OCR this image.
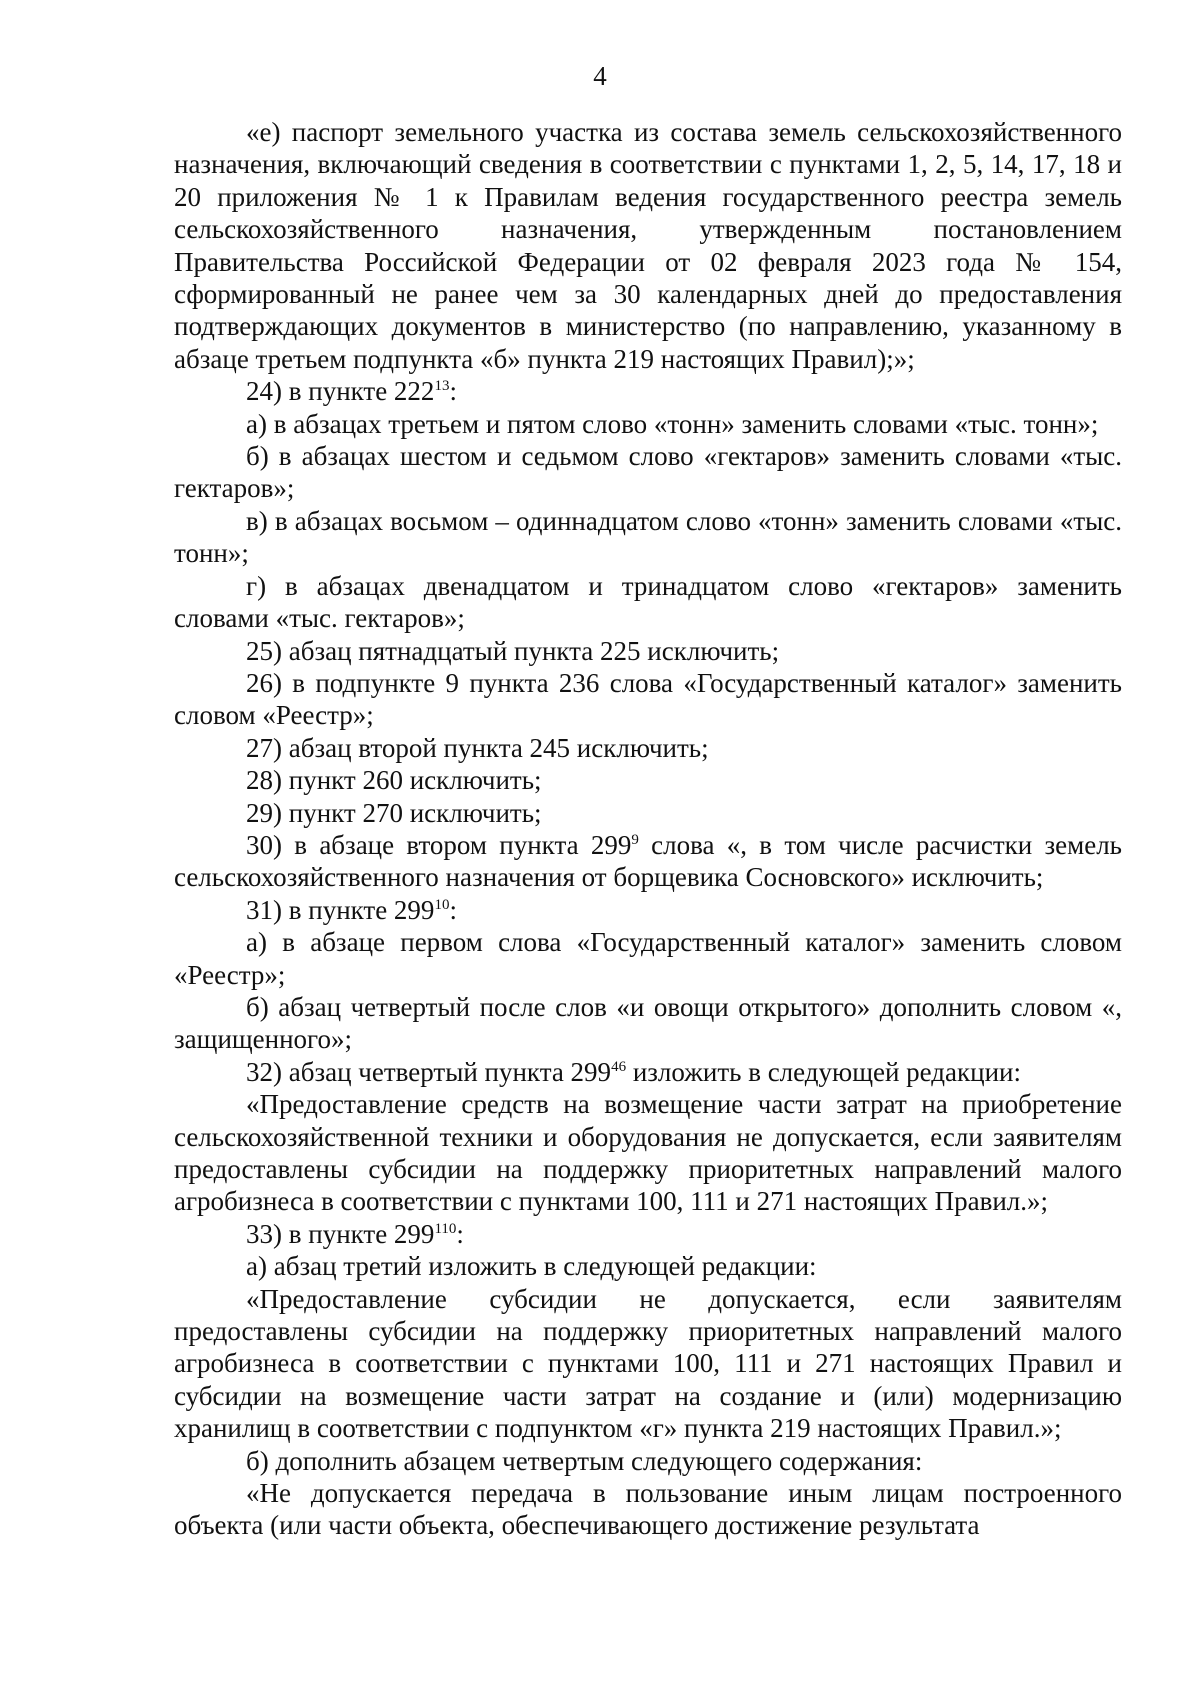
4

«е) паспорт земельного участка из состава земель сельскохозяйственного назначения, включающий сведения в соответствии с пунктами 1, 2, 5, 14, 17, 18 и 20 приложения № 1 к Правилам ведения государственного реестра земель сельскохозяйственного назначения, утвержденным постановлением Правительства Российской Федерации от 02 февраля 2023 года № 154, сформированный не ранее чем за 30 календарных дней до предоставления подтверждающих документов в министерство (по направлению, указанному в абзаце третьем подпункта «б» пункта 219 настоящих Правил);»;

24) в пункте $222^{13}$:

а) в абзацах третьем и пятом слово «тонн» заменить словами «тыс. тонн»;

б) в абзацах шестом и седьмом слово «гектаров» заменить словами «тыс. гектаров»;

в) в абзацах восьмом – одиннадцатом слово «тонн» заменить словами «тыс. тонн»;

г) в абзацах двенадцатом и тринадцатом слово «гектаров» заменить словами «тыс. гектаров»;

25) абзац пятнадцатый пункта 225 исключить;

26) в подпункте 9 пункта 236 слова «Государственный каталог» заменить словом «Реестр»;

27) абзац второй пункта 245 исключить;

28) пункт 260 исключить;

29) пункт 270 исключить;

30) в абзаце втором пункта $299^9$ слова «, в том числе расчистки земель сельскохозяйственного назначения от борщевика Сосновского» исключить;

31) в пункте $299^{10}$:

а) в абзаце первом слова «Государственный каталог» заменить словом «Реестр»;

б) абзац четвертый после слов «и овощи открытого» дополнить словом «, защищенного»;

32) абзац четвертый пункта $299^{46}$ изложить в следующей редакции:

«Предоставление средств на возмещение части затрат на приобретение сельскохозяйственной техники и оборудования не допускается, если заявителям предоставлены субсидии на поддержку приоритетных направлений малого агробизнеса в соответствии с пунктами 100, 111 и 271 настоящих Правил.»;

33) в пункте $299^{110}$:

а) абзац третий изложить в следующей редакции:

«Предоставление субсидии не допускается, если заявителям предоставлены субсидии на поддержку приоритетных направлений малого агробизнеса в соответствии с пунктами 100, 111 и 271 настоящих Правил и субсидии на возмещение части затрат на создание и (или) модернизацию хранилищ в соответствии с подпунктом «г» пункта 219 настоящих Правил.»;

б) дополнить абзацем четвертым следующего содержания:

«Не допускается передача в пользование иным лицам построенного объекта (или части объекта, обеспечивающего достижение результата
